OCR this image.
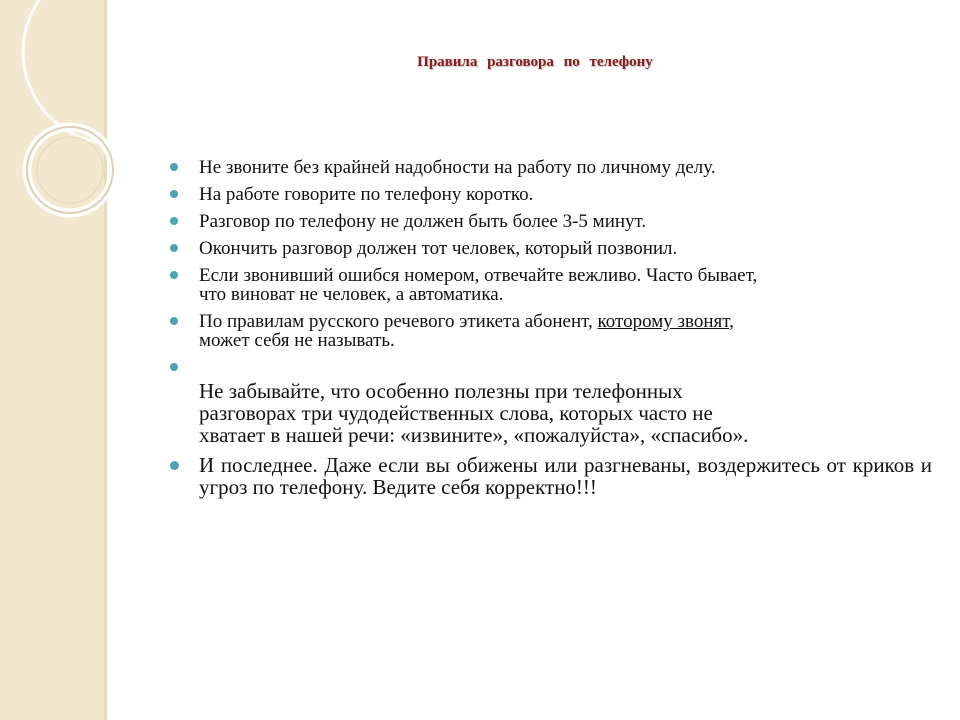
Правила разговора по телефону
Не звоните без крайней надобности на работу по личному делу.
На работе говорите по телефону коротко.
Разговор по телефону не должен быть более 3-5 минут.
Окончить разговор должен тот человек, который позвонил.
Если звонивший ошибся номером, отвечайте вежливо. Часто бывает,
что виноват не человек, а автоматика.
По правилам русского речевого этикета абонент, которому звонят,
может себя не называть.
Не забывайте, что особенно полезны при телефонных
разговорах три чудодейственных слова, которых часто не
хватает в нашей речи: «извините», «пожалуйста», «спасибо».
И последнее. Даже если вы обижены или разгневаны, воздержитесь от криков и угроз по телефону. Ведите себя корректно!!!
